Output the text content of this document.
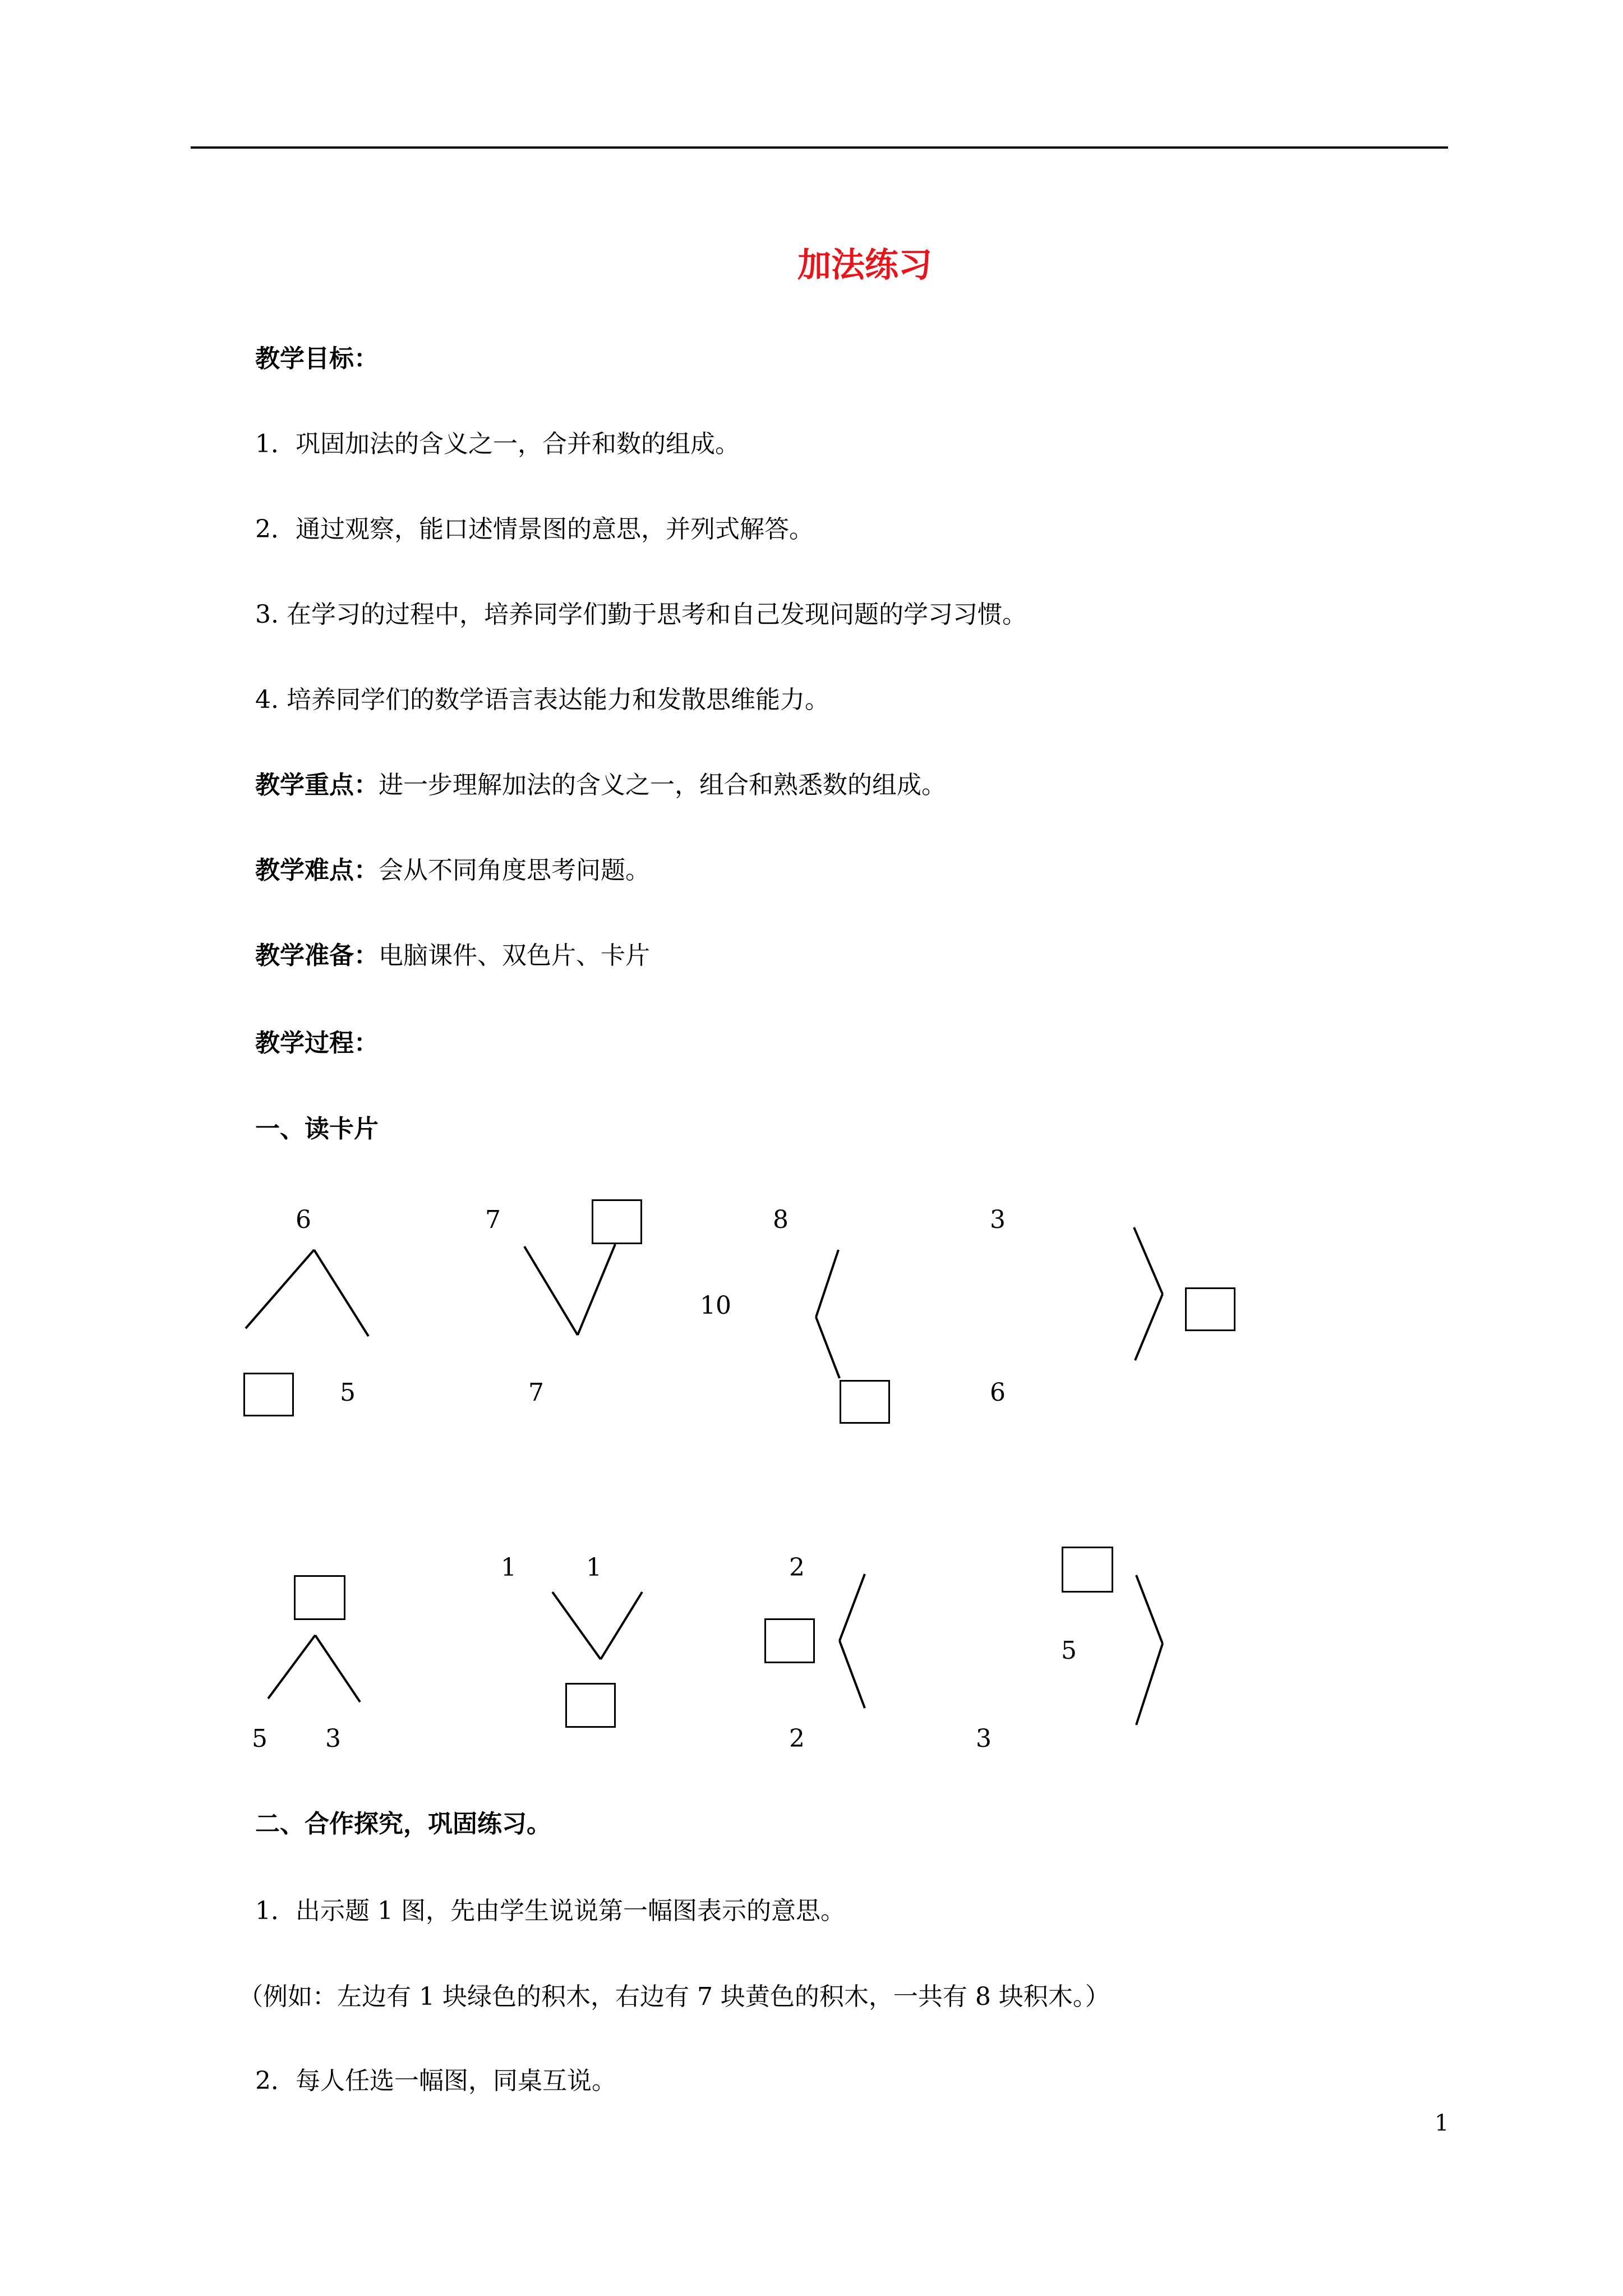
加法练习
教学目标：
1．巩固加法的含义之一，合并和数的组成。
2．通过观察，能口述情景图的意思，并列式解答。
3. 在学习的过程中，培养同学们勤于思考和自己发现问题的学习习惯。
4. 培养同学们的数学语言表达能力和发散思维能力。
教学重点：进一步理解加法的含义之一，组合和熟悉数的组成。
教学难点：会从不同角度思考问题。
教学准备：电脑课件、双色片、卡片
教学过程：
一、读卡片
6
5
7
7
10
8	3
6
5 3
1	1	2
2
5
3
二、合作探究，巩固练习。
1．出示题 1 图，先由学生说说第一幅图表示的意思。
（例如：左边有 1 块绿色的积木，右边有 7 块黄色的积木，一共有 8 块积木。）
2．每人任选一幅图，同桌互说。
1
